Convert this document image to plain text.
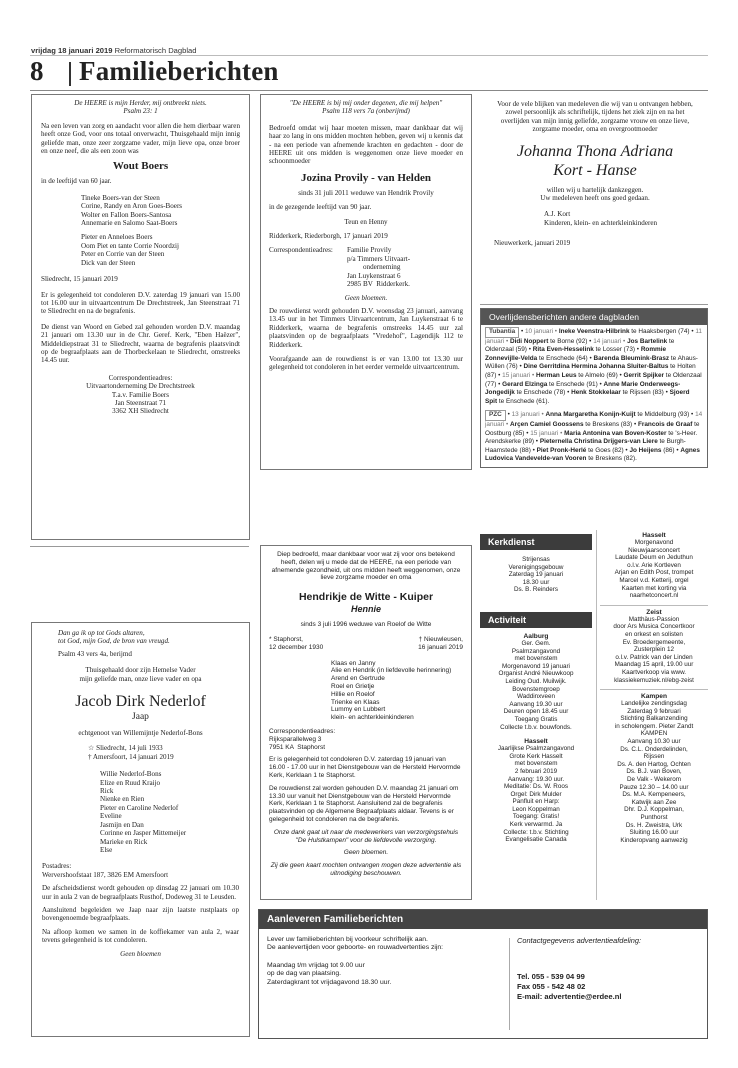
vrijdag 18 januari 2019 Reformatorisch Dagblad
8 Familieberichten
De HEERE is mijn Herder, mij ontbreekt niets.
Psalm 23: 1
Na een leven van zorg en aandacht voor allen die hem dierbaar waren heeft onze God, voor ons totaal onverwacht, Thuisgehaald mijn innig geliefde man, onze zeer zorgzame vader, mijn lieve opa, onze broer en onze neef, die als een zoon was
Wout Boers
in de leeftijd van 60 jaar.
Tineke Boers-van der Steen
Corine, Randy en Aron Goes-Boers
Wolter en Fallon Boers-Santosa
Annemarie en Salomo Saat-Boers
Pieter en Anneloes Boers
Oom Piet en tante Corrie Noordzij
Peter en Corrie van der Steen
Dick van der Steen
Sliedrecht, 15 januari 2019
Er is gelegenheid tot condoleren D.V. zaterdag 19 januari van 15.00 tot 16.00 uur in uitvaartcentrum De Drechtstreek, Jan Steenstraat 71 te Sliedrecht en na de begrafenis.
De dienst van Woord en Gebed zal gehouden worden D.V. maandag 21 januari om 13.30 uur in de Chr. Geref. Kerk, "Eben Haëzer", Middeldiepstraat 31 te Sliedrecht, waarna de begrafenis plaatsvindt op de begraafplaats aan de Thorbeckelaan te Sliedrecht, omstreeks 14.45 uur.
Correspondentieadres:
Uitvaartonderneming De Drechtstreek
T.a.v. Familie Boers
Jan Steenstraat 71
3362 XH Sliedrecht
"De HEERE is bij mij onder degenen, die mij helpen"
Psalm 118 vers 7a (onberijmd)
Bedroefd omdat wij haar moeten missen, maar dankbaar dat wij haar zo lang in ons midden mochten hebben, geven wij u kennis dat - na een periode van afnemende krachten en gedachten - door de HEERE uit ons midden is weggenomen onze lieve moeder en schoonmoeder
Jozina Provily - van Helden
sinds 31 juli 2011 weduwe van Hendrik Provily
in de gezegende leeftijd van 90 jaar.
Teun en Henny
Ridderkerk, Riederborgh, 17 januari 2019
Correspondentieadres:	Familie Provily
p/a Timmers Uitvaart-
onderneming
Jan Luykenstraat 6
2985 BV  Ridderkerk.
Geen bloemen.
De rouwdienst wordt gehouden D.V. woensdag 23 januari, aanvang 13.45 uur in het Timmers Uitvaartcentrum, Jan Luykenstraat 6 te Ridderkerk, waarna de begrafenis omstreeks 14.45 uur zal plaatsvinden op de begraafplaats "Vredehof", Lagendijk 112 te Ridderkerk.
Voorafgaande aan de rouwdienst is er van 13.00 tot 13.30 uur gelegenheid tot condoleren in het eerder vermelde uitvaartcentrum.
Voor de vele blijken van medeleven die wij van u ontvangen hebben, zowel persoonlijk als schriftelijk, tijdens het ziek zijn en na het overlijden van mijn innig geliefde, zorgzame vrouw en onze lieve, zorgzame moeder, oma en overgrootmoeder
Johanna Thona Adriana
Kort - Hanse
willen wij u hartelijk dankzeggen.
Uw medeleven heeft ons goed gedaan.
A.J. Kort
Kinderen, klein- en achterkleinkinderen
Nieuwerkerk, januari 2019
Overlijdensberichten andere dagbladen
Tubantia • 10 januari • Ineke Veenstra-Hilbrink te Haaksbergen (74) • 11 januari • Didi Noppert te Borne (92) • 14 januari • Jos Bartelink te Oldenzaal (59) • Rita Even-Hesselink te Losser (73) • Rommie Zonnevijlle-Velda te Enschede (64) • Barenda Bleumink-Brasz te Ahaus-Wüllen (76) • Dine Gerritdina Hermina Johanna Sluiter-Baltus te Holten (87) • 15 januari • Herman Leus te Almelo (69) • Gerrit Spijker te Oldenzaal (77) • Gerard Elzinga te Enschede (91) • Anne Marie Onderweegs-Jongedijk te Enschede (78) • Henk Stokkelaar te Rijssen (83) • Sjoerd Spit te Enschede (61).
PZC • 13 januari • Anna Margaretha Konijn-Kuijt te Middelburg (93) • 14 januari • Arçen Camiel Goossens te Breskens (83) • Francois de Graaf te Oostburg (85) • 15 januari • Maria Antonina van Boven-Koster te 's-Heer. Arendskerke (89) • Pieternella Christina Drijgers-van Liere te Burgh-Haamstede (88) • Piet Pronk-Herlé te Goes (82) • Jo Heijens (86) • Agnes Ludovica Vandevelde-van Vooren te Breskens (82).
Diep bedroefd, maar dankbaar voor wat zij voor ons betekend heeft, delen wij u mede dat de HEERE, na een periode van afnemende gezondheid, uit ons midden heeft weggenomen, onze lieve zorgzame moeder en oma
Hendrikje de Witte - Kuiper
Hennie
sinds 3 juli 1996 weduwe van Roelof de Witte
* Staphorst,
12 december 1930
† Nieuwleusen,
16 januari 2019
Klaas en Janny
Alie en Hendrik (in liefdevolle herinnering)
Arend en Gertrude
Roel en Grietje
Hillie en Roelof
Trienke en Klaas
Lummy en Lubbert
klein- en achterkleinkinderen
Correspondentieadres:
Rijksparallelweg 3
7951 KA  Staphorst
Er is gelegenheid tot condoleren D.V. zaterdag 19 januari van 16.00 - 17.00 uur in het Dienstgebouw van de Hersteld Hervormde Kerk, Kerklaan 1 te Staphorst.
De rouwdienst zal worden gehouden D.V. maandag 21 januari om 13.30 uur vanuit het Dienstgebouw van de Hersteld Hervormde Kerk, Kerklaan 1 te Staphorst. Aansluitend zal de begrafenis plaatsvinden op de Algemene Begraafplaats aldaar. Tevens is er gelegenheid tot condoleren na de begrafenis.
Onze dank gaat uit naar de medewerkers van verzorgingstehuis "De Hulstkampen" voor de liefdevolle verzorging.
Geen bloemen.
Zij die geen kaart mochten ontvangen mogen deze advertentie als uitnodiging beschouwen.
Kerkdienst
Strijensas
Verenigingsgebouw
Zaterdag 19 januari
18.30 uur
Ds. B. Reinders
Activiteit
Aalburg
Ger. Gem.
Psalmzangavond
met bovenstem
Morgenavond 19 januari
Organist André Nieuwkoop
Leiding Oud. Muilwijk.
Bovenstemgroep
Waddinxveen
Aanvang 19.30 uur
Deuren open 18.45 uur
Toegang Gratis
Collecte t.b.v. bouwfonds.
Hasselt
Jaarlijkse Psalmzangavond
Grote Kerk Hasselt
met bovenstem
2 februari 2019
Aanvang: 19.30 uur.
Meditatie: Ds. W. Roos
Orgel: Dirk Mulder
Panfluit en Harp:
Leon Koppelman
Toegang: Gratis!
Kerk verwarmd. Ja
Collecte: t.b.v. Stichting
Evangelisatie Canada
Hasselt
Morgenavond
Nieuwjaarsconcert
Laudate Deum en Jeduthun
o.l.v. Arie Kortleven
Arjan en Edith Post, trompet
Marcel v.d. Ketterij, orgel
Kaarten met korting via
naarhetconcert.nl
Zeist
Matthäus-Passion
door Ars Musica Concertkoor
en orkest en solisten
Ev. Broedergemeente,
Zusterplein 12
o.l.v. Patrick van der Linden
Maandag 15 april, 19.00 uur
Kaartverkoop via www.
klassiekemuziek.nl/ebg-zeist
Kampen
Landelijke zendingsdag
Zaterdag 9 februari
Stichting Balkanzending
in scholengem. Pieter Zandt
KAMPEN
Aanvang 10.30 uur
Ds. C.L. Onderdelinden,
Rijssen
Ds. A. den Hartog, Ochten
Ds. B.J. van Boven,
De Valk - Wekerom
Pauze 12.30 – 14.00 uur
Ds. M.A. Kempeneers,
Katwijk aan Zee
Dhr. D.J. Koppelman,
Punthorst
Ds. H. Zweistra, Urk
Sluiting 16.00 uur
Kinderopvang aanwezig
Dan ga ik op tot Gods altaren,
tot God, mijn God, de bron van vreugd.
Psalm 43 vers 4a, berijmd
Thuisgehaald door zijn Hemelse Vader
mijn geliefde man, onze lieve vader en opa
Jacob Dirk Nederlof
Jaap
echtgenoot van Willemijntje Nederlof-Bons
☆ Sliedrecht, 14 juli 1933
† Amersfoort, 14 januari 2019
Willie Nederlof-Bons
Elize en Ruud Kraijo
Rick
Nienke en Rien
Pieter en Caroline Nederlof
Eveline
Jasmijn en Dan
Corinne en Jasper Mittemeijer
Marieke en Rick
Else
Postadres:
Wervershoofstaat 187, 3826 EM Amersfoort
De afscheidsdienst wordt gehouden op dinsdag 22 januari om 10.30 uur in aula 2 van de begraafplaats Rusthof, Dodeweg 31 te Leusden.
Aansluitend begeleiden we Jaap naar zijn laatste rustplaats op bovengenoemde begraafplaats.
Na afloop komen we samen in de koffiekamer van aula 2, waar tevens gelegenheid is tot condoleren.
Geen bloemen
Aanleveren Familieberichten
Lever uw familieberichten bij voorkeur schriftelijk aan.
De aanlevertijden voor geboorte- en rouwadvertenties zijn:
Maandag t/m vrijdag tot 9.00 uur
op de dag van plaatsing.
Zaterdagkrant tot vrijdagavond 18.30 uur.
Contactgegevens advertentieafdeling:
Tel. 055 - 539 04 99
Fax 055 - 542 48 02
E-mail: advertentie@erdee.nl
